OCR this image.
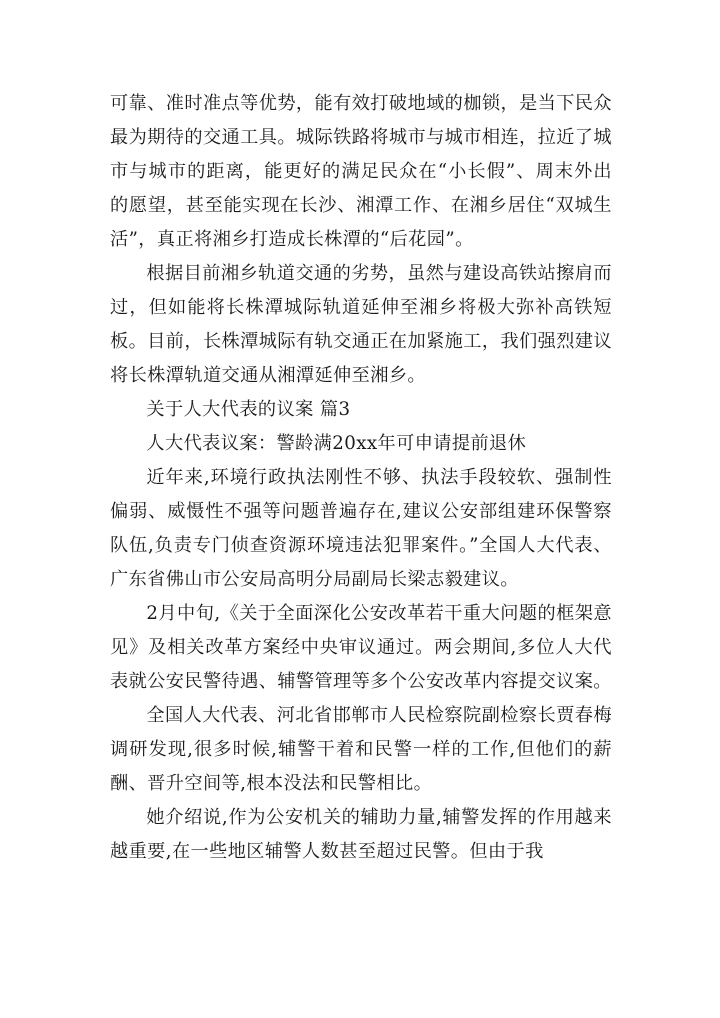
可靠、准时准点等优势，能有效打破地域的枷锁，是当下民众最为期待的交通工具。城际铁路将城市与城市相连，拉近了城市与城市的距离，能更好的满足民众在“小长假”、周末外出的愿望，甚至能实现在长沙、湘潭工作、在湘乡居住“双城生活”，真正将湘乡打造成长株潭的“后花园”。

根据目前湘乡轨道交通的劣势，虽然与建设高铁站擦肩而过，但如能将长株潭城际轨道延伸至湘乡将极大弥补高铁短板。目前，长株潭城际有轨交通正在加紧施工，我们强烈建议将长株潭轨道交通从湘潭延伸至湘乡。

关于人大代表的议案 篇3

人大代表议案：警龄满20xx年可申请提前退休

近年来,环境行政执法刚性不够、执法手段较软、强制性偏弱、威慑性不强等问题普遍存在,建议公安部组建环保警察队伍,负责专门侦查资源环境违法犯罪案件。”全国人大代表、广东省佛山市公安局高明分局副局长梁志毅建议。

2月中旬,《关于全面深化公安改革若干重大问题的框架意见》及相关改革方案经中央审议通过。两会期间,多位人大代表就公安民警待遇、辅警管理等多个公安改革内容提交议案。

全国人大代表、河北省邯郸市人民检察院副检察长贾春梅调研发现,很多时候,辅警干着和民警一样的工作,但他们的薪酬、晋升空间等,根本没法和民警相比。

她介绍说,作为公安机关的辅助力量,辅警发挥的作用越来越重要,在一些地区辅警人数甚至超过民警。但由于我
